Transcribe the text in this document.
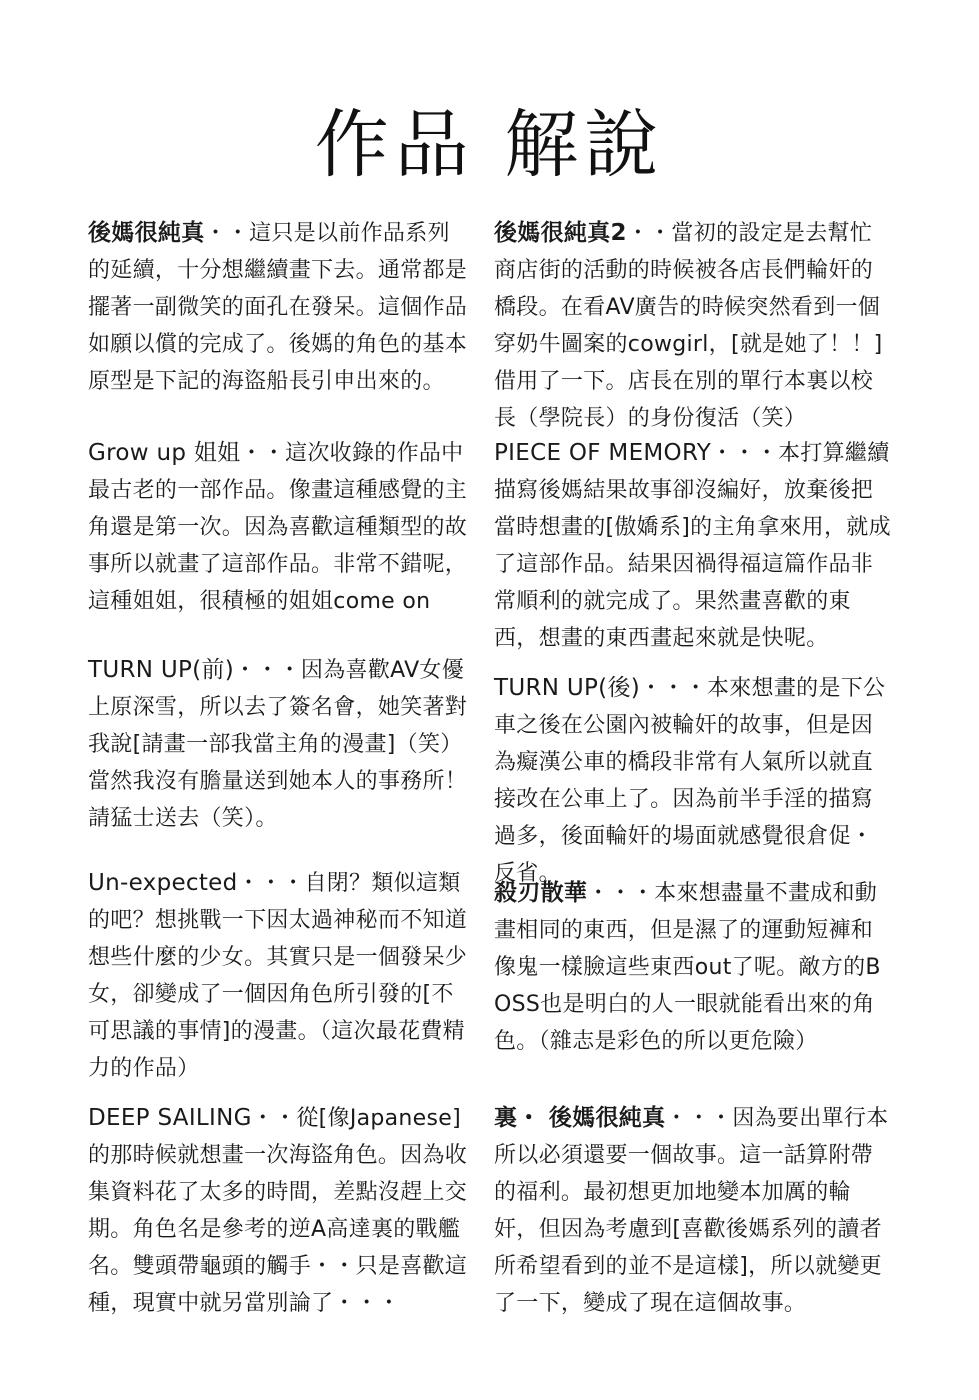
作品 解說

後媽很純真・・這只是以前作品系列的延續，十分想繼續畫下去。通常都是擺著一副微笑的面孔在發呆。這個作品如願以償的完成了。後媽的角色的基本原型是下記的海盜船長引申出來的。

Grow up 姐姐・・這次收錄的作品中最古老的一部作品。像畫這種感覺的主角還是第一次。因為喜歡這種類型的故事所以就畫了這部作品。非常不錯呢，這種姐姐，很積極的姐姐come on

TURN UP(前)・・・因為喜歡AV女優上原深雪，所以去了簽名會，她笑著對我說[請畫一部我當主角的漫畫]（笑）當然我沒有膽量送到她本人的事務所！請猛士送去（笑）。

Un-expected・・・自閉？類似這類的吧？想挑戰一下因太過神秘而不知道想些什麼的少女。其實只是一個發呆少女，卻變成了一個因角色所引發的[不可思議的事情]的漫畫。（這次最花費精力的作品）

DEEP SAILING・・從[像Japanese]的那時候就想畫一次海盜角色。因為收集資料花了太多的時間，差點沒趕上交期。角色名是參考的逆A高達裏的戰艦名。雙頭帶龜頭的觸手・・只是喜歡這種，現實中就另當別論了・・・

後媽很純真2・・當初的設定是去幫忙商店街的活動的時候被各店長們輪奸的橋段。在看AV廣告的時候突然看到一個穿奶牛圖案的cowgirl，[就是她了！！]借用了一下。店長在別的單行本裏以校長（學院長）的身份復活（笑）

PIECE OF MEMORY・・・本打算繼續描寫後媽結果故事卻沒編好，放棄後把當時想畫的[傲嬌系]的主角拿來用，就成了這部作品。結果因禍得福這篇作品非常順利的就完成了。果然畫喜歡的東西，想畫的東西畫起來就是快呢。

TURN UP(後)・・・本來想畫的是下公車之後在公園內被輪奸的故事，但是因為癡漢公車的橋段非常有人氣所以就直接改在公車上了。因為前半手淫的描寫過多，後面輪奸的場面就感覺很倉促・反省。

殺刃散華・・・本來想盡量不畫成和動畫相同的東西，但是濕了的運動短褲和像鬼一樣臉這些東西out了呢。敵方的BOSS也是明白的人一眼就能看出來的角色。（雜志是彩色的所以更危險）

裏・ 後媽很純真・・・因為要出單行本所以必須還要一個故事。這一話算附帶的福利。最初想更加地變本加厲的輪奸，但因為考慮到[喜歡後媽系列的讀者所希望看到的並不是這樣]，所以就變更了一下，變成了現在這個故事。
